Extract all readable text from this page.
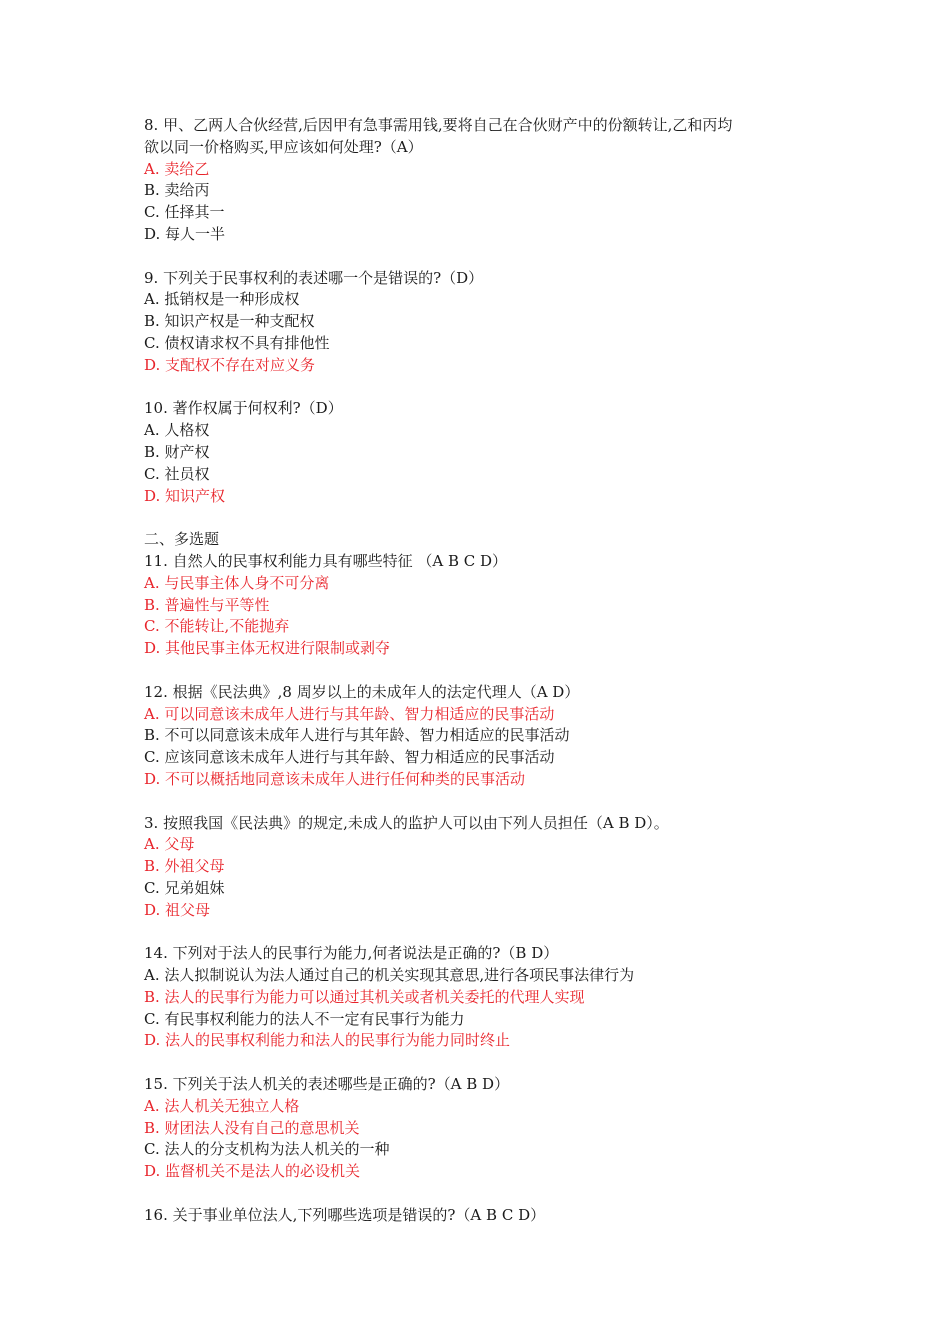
8. 甲、乙两人合伙经营,后因甲有急事需用钱,要将自己在合伙财产中的份额转让,乙和丙均
欲以同一价格购买,甲应该如何处理?（A）
A. 卖给乙
B. 卖给丙
C. 任择其一
D. 每人一半
9. 下列关于民事权利的表述哪一个是错误的?（D）
A. 抵销权是一种形成权
B. 知识产权是一种支配权
C. 债权请求权不具有排他性
D. 支配权不存在对应义务
10. 著作权属于何权利?（D）
A. 人格权
B. 财产权
C. 社员权
D. 知识产权
二、多选题
11. 自然人的民事权利能力具有哪些特征 （A B C D）
A. 与民事主体人身不可分离
B. 普遍性与平等性
C. 不能转让,不能抛弃
D. 其他民事主体无权进行限制或剥夺
12. 根据《民法典》,8 周岁以上的未成年人的法定代理人（A D）
A. 可以同意该未成年人进行与其年龄、智力相适应的民事活动
B. 不可以同意该未成年人进行与其年龄、智力相适应的民事活动
C. 应该同意该未成年人进行与其年龄、智力相适应的民事活动
D. 不可以概括地同意该未成年人进行任何种类的民事活动
3. 按照我国《民法典》的规定,未成人的监护人可以由下列人员担任（A B D）。
A. 父母
B. 外祖父母
C. 兄弟姐妹
D. 祖父母
14. 下列对于法人的民事行为能力,何者说法是正确的?（B D）
A. 法人拟制说认为法人通过自己的机关实现其意思,进行各项民事法律行为
B. 法人的民事行为能力可以通过其机关或者机关委托的代理人实现
C. 有民事权利能力的法人不一定有民事行为能力
D. 法人的民事权利能力和法人的民事行为能力同时终止
15. 下列关于法人机关的表述哪些是正确的?（A B D）
A. 法人机关无独立人格
B. 财团法人没有自己的意思机关
C. 法人的分支机构为法人机关的一种
D. 监督机关不是法人的必设机关
16. 关于事业单位法人,下列哪些选项是错误的?（A B C D）
